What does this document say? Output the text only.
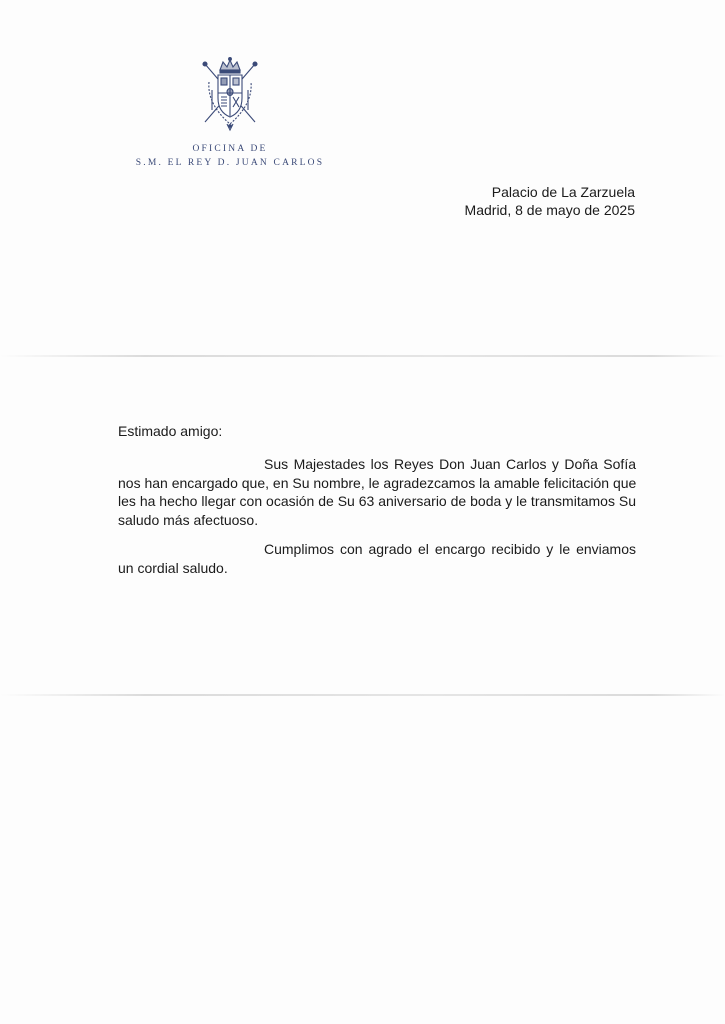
OFICINA DE
S.M. EL REY D. JUAN CARLOS
Palacio de La Zarzuela
Madrid, 8 de mayo de 2025
Estimado amigo:
Sus Majestades los Reyes Don Juan Carlos y Doña Sofía
nos han encargado que, en Su nombre, le agradezcamos la amable felicitación que
les ha hecho llegar con ocasión de Su 63 aniversario de boda y le transmitamos Su
saludo más afectuoso.
Cumplimos con agrado el encargo recibido y le enviamos
un cordial saludo.
